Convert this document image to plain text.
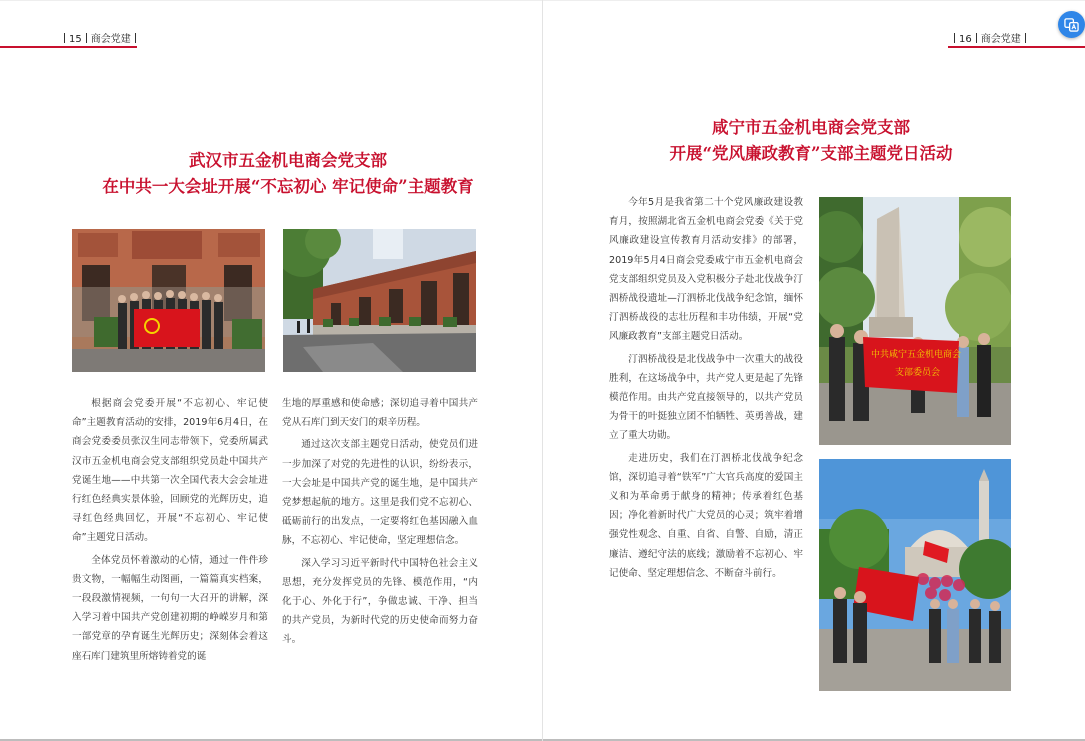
15 商会党建
武汉市五金机电商会党支部
在中共一大会址开展“不忘初心 牢记使命”主题教育

根据商会党委开展“不忘初心、牢记使命”主题教育活动的安排，2019年6月4日，在商会党委委员张汉生同志带领下，党委所属武汉市五金机电商会党支部组织党员赴中国共产党诞生地——中共第一次全国代表大会会址进行红色经典实景体验，回顾党的光辉历史，追寻红色经典回忆，开展“不忘初心、牢记使命”主题党日活动。

全体党员怀着激动的心情，通过一件件珍贵文物，一幅幅生动图画，一篇篇真实档案，一段段激情视频，一句句一大召开的讲解，深入学习着中国共产党创建初期的峥嵘岁月和第一部党章的孕育诞生光辉历史；深刻体会着这座石库门建筑里所熔铸着党的诞

生地的厚重感和使命感；深切追寻着中国共产党从石库门到天安门的艰辛历程。

通过这次支部主题党日活动，使党员们进一步加深了对党的先进性的认识，纷纷表示，一大会址是中国共产党的诞生地，是中国共产党梦想起航的地方。这里是我们党不忘初心、砥砺前行的出发点，一定要将红色基因融入血脉，不忘初心、牢记使命，坚定理想信念。

深入学习习近平新时代中国特色社会主义思想，充分发挥党员的先锋、模范作用，“内化于心、外化于行”，争做忠诚、干净、担当的共产党员，为新时代党的历史使命而努力奋斗。

16 商会党建
咸宁市五金机电商会党支部
开展“党风廉政教育”支部主题党日活动

今年5月是我省第二十个党风廉政建设教育月，按照湖北省五金机电商会党委《关于党风廉政建设宣传教育月活动安排》的部署，2019年5月4日商会党委咸宁市五金机电商会党支部组织党员及入党积极分子赴北伐战争汀泗桥战役遗址—汀泗桥北伐战争纪念馆，缅怀汀泗桥战役的志壮历程和丰功伟绩，开展“党风廉政教育”支部主题党日活动。

汀泗桥战役是北伐战争中一次重大的战役胜利，在这场战争中，共产党人更是起了先锋模范作用。由共产党直接领导的，以共产党员为骨干的叶挺独立团不怕牺牲、英勇善战，建立了重大功勋。

走进历史，我们在汀泗桥北伐战争纪念馆，深切追寻着“铁军”广大官兵高度的爱国主义和为革命勇于献身的精神；传承着红色基因；净化着新时代广大党员的心灵；筑牢着增强党性观念、自重、自省、自警、自励，清正廉洁、遵纪守法的底线；激励着不忘初心、牢记使命、坚定理想信念、不断奋斗前行。

中共咸宁五金机电商会
支部委员会
